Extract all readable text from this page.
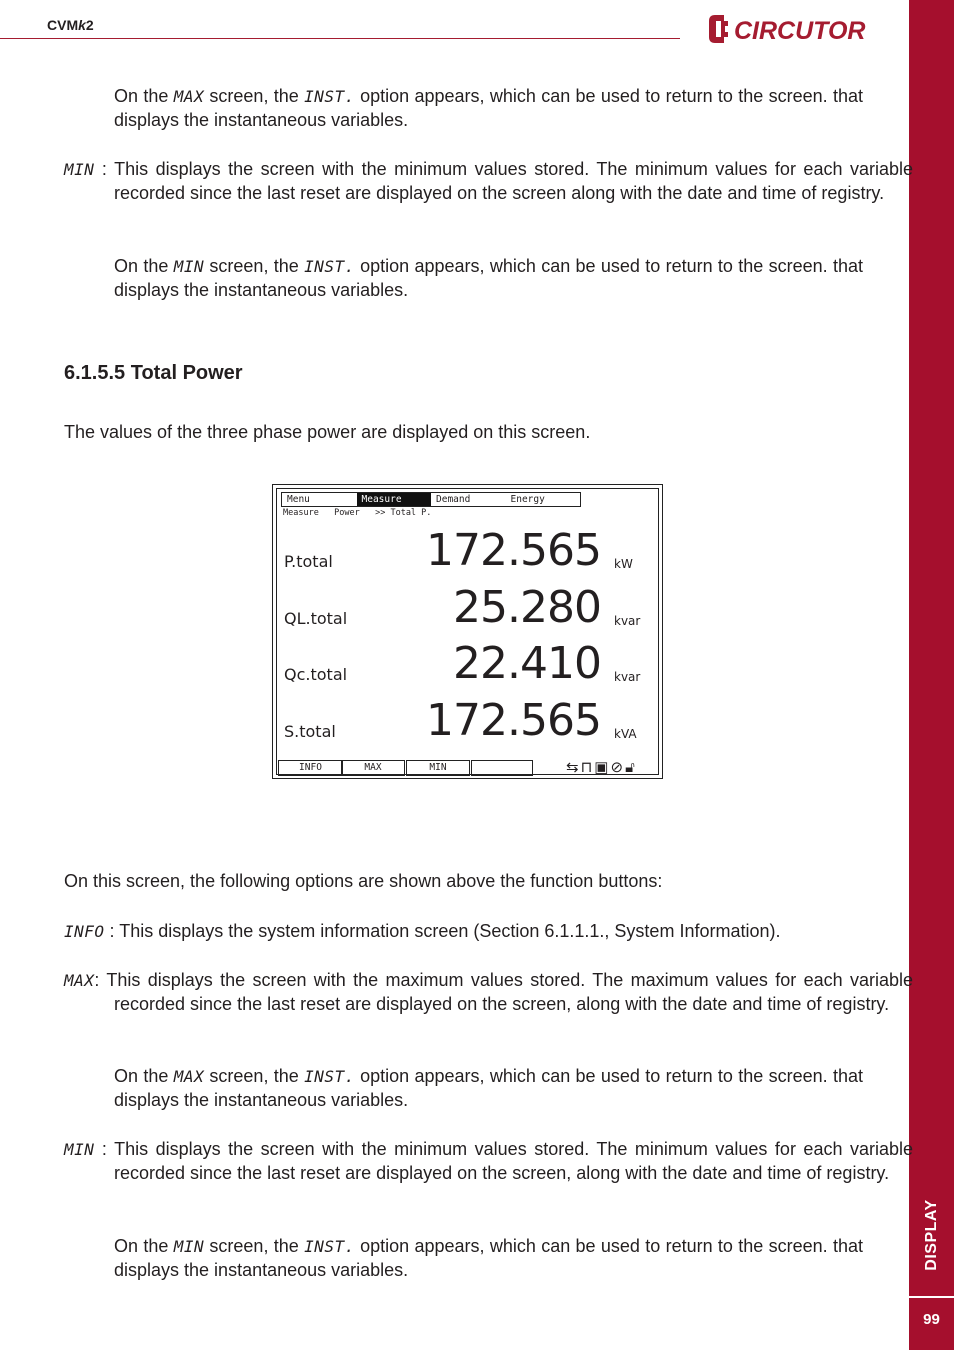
CVMk2	CIRCUTOR
DISPLAY
99

On the MAX screen, the INST. option appears, which can be used to return to the screen. that displays the instantaneous variables.

MIN : This displays the screen with the minimum values stored. The minimum values for each variable recorded since the last reset are displayed on the screen along with the date and time of registry.

On the MIN screen, the INST. option appears, which can be used to return to the screen. that displays the instantaneous variables.

6.1.5.5 Total Power

The values of the three phase power are displayed on this screen.

Menu	Measure	Demand	Energy
Measure   Power   >> Total P.
P.total 172.565 kW
QL.total 25.280 kvar
Qc.total 22.410 kvar
S.total 172.565 kVA
INFO	MAX	MIN	⇆ ⊓ ▣ ⊘ 🔓︎

On this screen, the following options are shown above the function buttons:

INFO : This displays the system information screen (Section 6.1.1.1., System Information).

MAX: This displays the screen with the maximum values stored. The maximum values for each variable recorded since the last reset are displayed on the screen, along with the date and time of registry.

On the MAX screen, the INST. option appears, which can be used to return to the screen. that displays the instantaneous variables.

MIN : This displays the screen with the minimum values stored. The minimum values for each variable recorded since the last reset are displayed on the screen, along with the date and time of registry.

On the MIN screen, the INST. option appears, which can be used to return to the screen. that displays the instantaneous variables.
